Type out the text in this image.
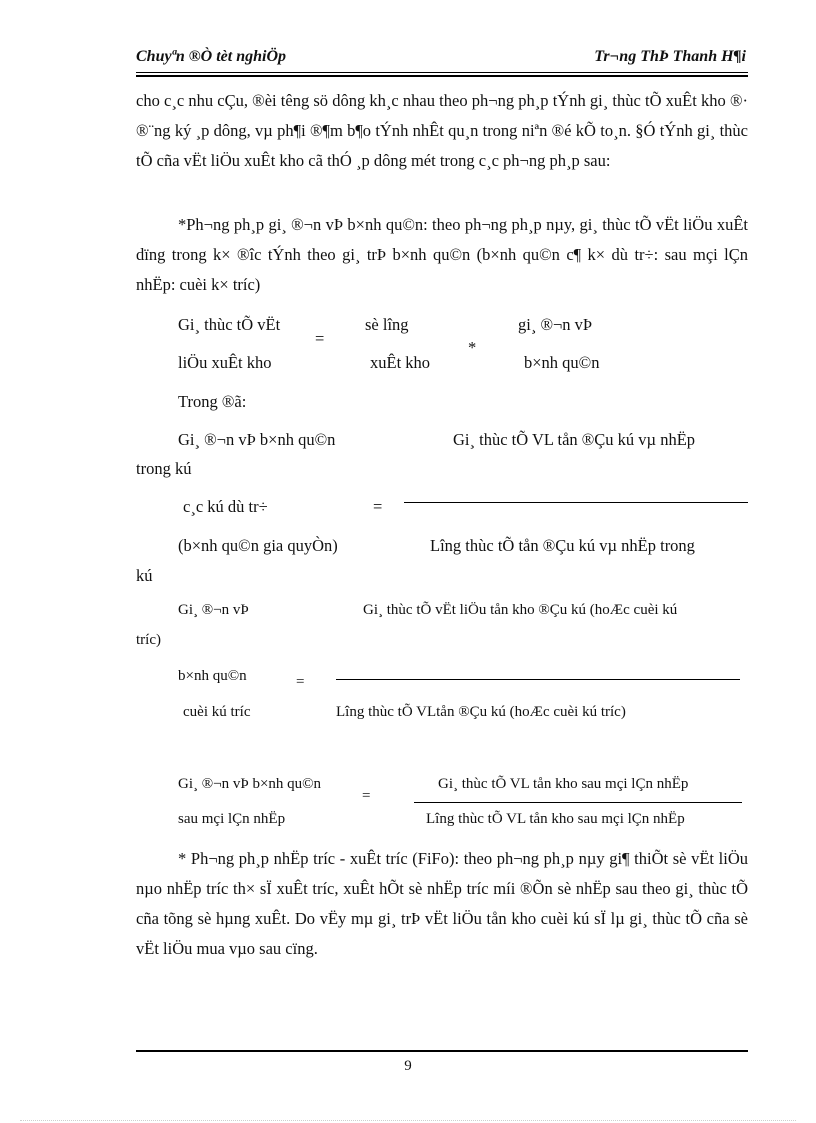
Chuyªn ®Ò tèt nghiÖp	Tr¬ng ThÞ Thanh H¶i

cho c¸c nhu cÇu, ®èi têng sö dông kh¸c nhau theo ph¬ng ph¸p tÝnh gi¸ thùc tÕ xuÊt kho ®· ®¨ng ký ¸p dông, vµ ph¶i ®¶m b¶o tÝnh nhÊt qu¸n trong niªn ®é kÕ to¸n. §Ó tÝnh gi¸ thùc tÕ cña vËt liÖu xuÊt kho cã thÓ ¸p dông mét trong c¸c ph¬ng ph¸p sau:

*Ph¬ng ph¸p gi¸ ®¬n vÞ b×nh qu©n: theo ph¬ng ph¸p nµy, gi¸ thùc tÕ vËt liÖu xuÊt dïng trong k× ®îc tÝnh theo gi¸ trÞ b×nh qu©n (b×nh qu©n c¶ k× dù tr÷: sau mçi lÇn nhËp: cuèi k× tríc)

Gi¸ thùc tÕ vËt
liÖu xuÊt kho
=
sè lîng
xuÊt kho
*
gi¸ ®¬n vÞ
b×nh qu©n
Trong ®ã:
Gi¸ ®¬n vÞ b×nh qu©n	Gi¸ thùc tÕ VL tån ®Çu kú vµ nhËp
trong kú
c¸c kú dù tr÷	=
(b×nh qu©n gia quyÒn)	Lîng thùc tÕ tån ®Çu kú vµ nhËp trong
kú
Gi¸ ®¬n vÞ	Gi¸ thùc tÕ vËt liÖu tån kho ®Çu kú (hoÆc cuèi kú
tríc)
b×nh qu©n	=
cuèi kú tríc	Lîng thùc tÕ VLtån ®Çu kú (hoÆc cuèi kú tríc)
Gi¸ ®¬n vÞ b×nh qu©n
=
sau mçi lÇn nhËp
Gi¸ thùc tÕ VL tån kho sau mçi lÇn nhËp
Lîng thùc tÕ VL tån kho sau mçi lÇn nhËp

* Ph¬ng ph¸p nhËp tríc - xuÊt tríc (FiFo): theo ph¬ng ph¸p nµy gi¶ thiÕt sè vËt liÖu nµo nhËp tríc th× sÏ xuÊt tríc, xuÊt hÕt sè nhËp tríc míi ®Õn sè nhËp sau theo gi¸ thùc tÕ cña tõng sè hµng xuÊt. Do vËy mµ gi¸ trÞ vËt liÖu tån kho cuèi kú sÏ lµ gi¸ thùc tÕ cña sè vËt liÖu mua vµo sau cïng.

9
